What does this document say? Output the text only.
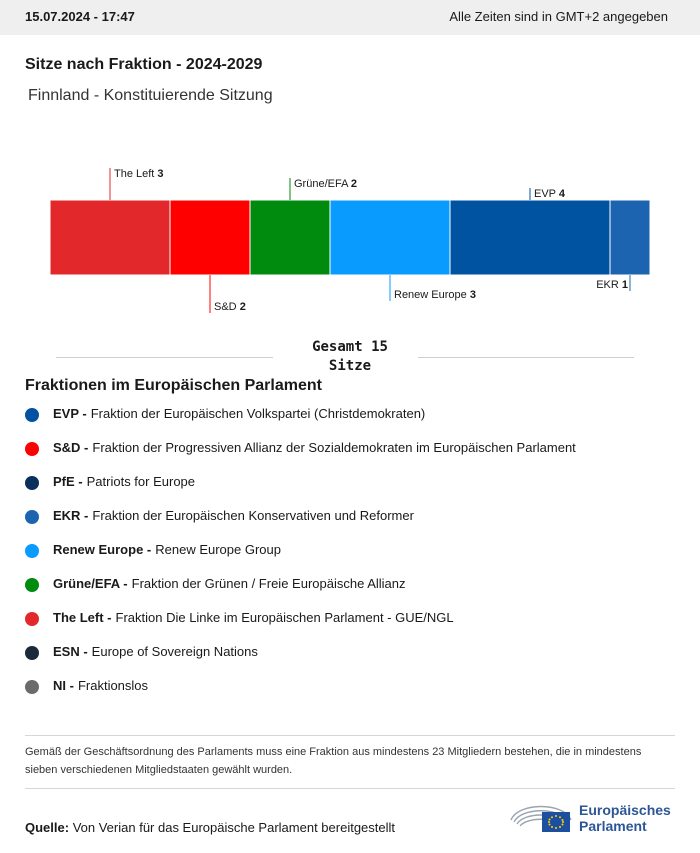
15.07.2024 - 17:47	Alle Zeiten sind in GMT+2 angegeben
Sitze nach Fraktion - 2024-2029
Finnland - Konstituierende Sitzung
The Left 3
S&D 2
Grüne/EFA 2
Renew Europe 3
EVP 4
EKR 1
Gesamt 15
Sitze
Fraktionen im Europäischen Parlament
EVP - Fraktion der Europäischen Volkspartei (Christdemokraten)
S&D - Fraktion der Progressiven Allianz der Sozialdemokraten im Europäischen Parlament
PfE - Patriots for Europe
EKR - Fraktion der Europäischen Konservativen und Reformer
Renew Europe - Renew Europe Group
Grüne/EFA - Fraktion der Grünen / Freie Europäische Allianz
The Left - Fraktion Die Linke im Europäischen Parlament - GUE/NGL
ESN - Europe of Sovereign Nations
NI - Fraktionslos
Gemäß der Geschäftsordnung des Parlaments muss eine Fraktion aus mindestens 23 Mitgliedern bestehen, die in mindestens sieben verschiedenen Mitgliedstaaten gewählt wurden.
Quelle: Von Verian für das Europäische Parlament bereitgestellt
Europäisches
Parlament
